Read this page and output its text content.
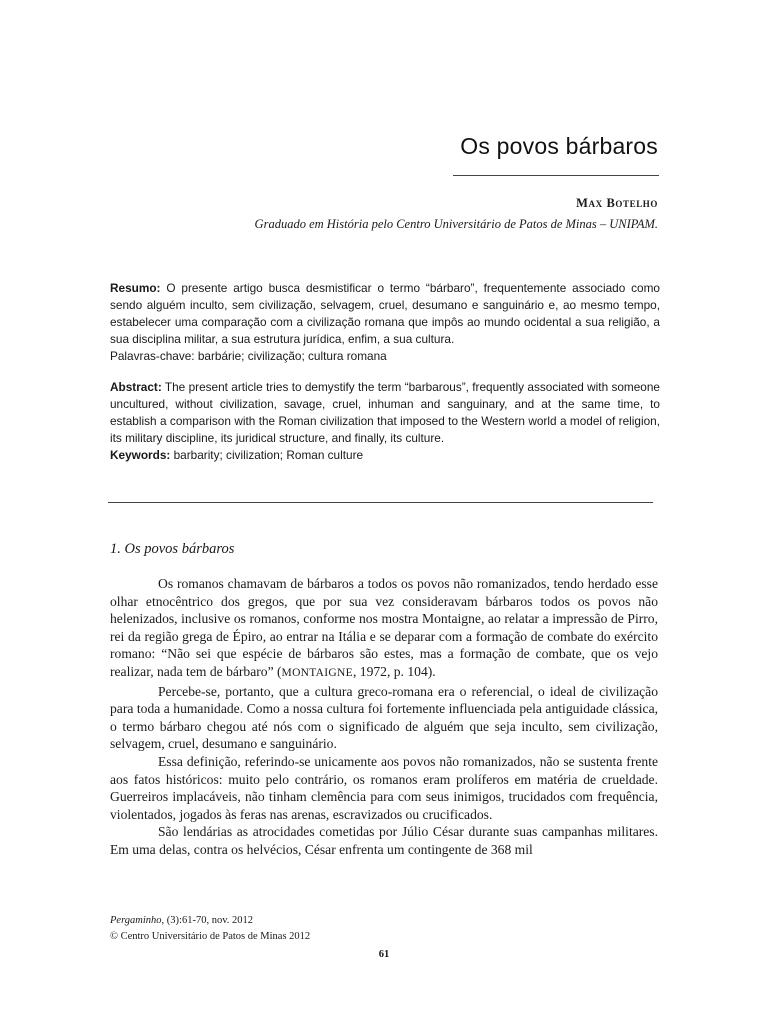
Os povos bárbaros
Max Botelho
Graduado em História pelo Centro Universitário de Patos de Minas – UNIPAM.
Resumo: O presente artigo busca desmistificar o termo “bárbaro”, frequentemente associado como sendo alguém inculto, sem civilização, selvagem, cruel, desumano e sanguinário e, ao mesmo tempo, estabelecer uma comparação com a civilização romana que impôs ao mundo ocidental a sua religião, a sua disciplina militar, a sua estrutura jurídica, enfim, a sua cultura.
Palavras-chave: barbárie; civilização; cultura romana
Abstract: The present article tries to demystify the term “barbarous”, frequently associated with someone uncultured, without civilization, savage, cruel, inhuman and sanguinary, and at the same time, to establish a comparison with the Roman civilization that imposed to the Western world a model of religion, its military discipline, its juridical structure, and finally, its culture.
Keywords: barbarity; civilization; Roman culture
1. Os povos bárbaros

Os romanos chamavam de bárbaros a todos os povos não romanizados, tendo herdado esse olhar etnocêntrico dos gregos, que por sua vez consideravam bárbaros todos os povos não helenizados, inclusive os romanos, conforme nos mostra Montaigne, ao relatar a impressão de Pirro, rei da região grega de Épiro, ao entrar na Itália e se deparar com a formação de combate do exército romano: “Não sei que espécie de bárbaros são estes, mas a formação de combate, que os vejo realizar, nada tem de bárbaro” (MONTAIGNE, 1972, p. 104).

Percebe-se, portanto, que a cultura greco-romana era o referencial, o ideal de civilização para toda a humanidade. Como a nossa cultura foi fortemente influenciada pela antiguidade clássica, o termo bárbaro chegou até nós com o significado de alguém que seja inculto, sem civilização, selvagem, cruel, desumano e sanguinário.

Essa definição, referindo-se unicamente aos povos não romanizados, não se sustenta frente aos fatos históricos: muito pelo contrário, os romanos eram prolíferos em matéria de crueldade. Guerreiros implacáveis, não tinham clemência para com seus inimigos, trucidados com frequência, violentados, jogados às feras nas arenas, escravizados ou crucificados.

São lendárias as atrocidades cometidas por Júlio César durante suas campanhas militares. Em uma delas, contra os helvécios, César enfrenta um contingente de 368 mil

Pergaminho, (3):61-70, nov. 2012
© Centro Universitário de Patos de Minas 2012
61
